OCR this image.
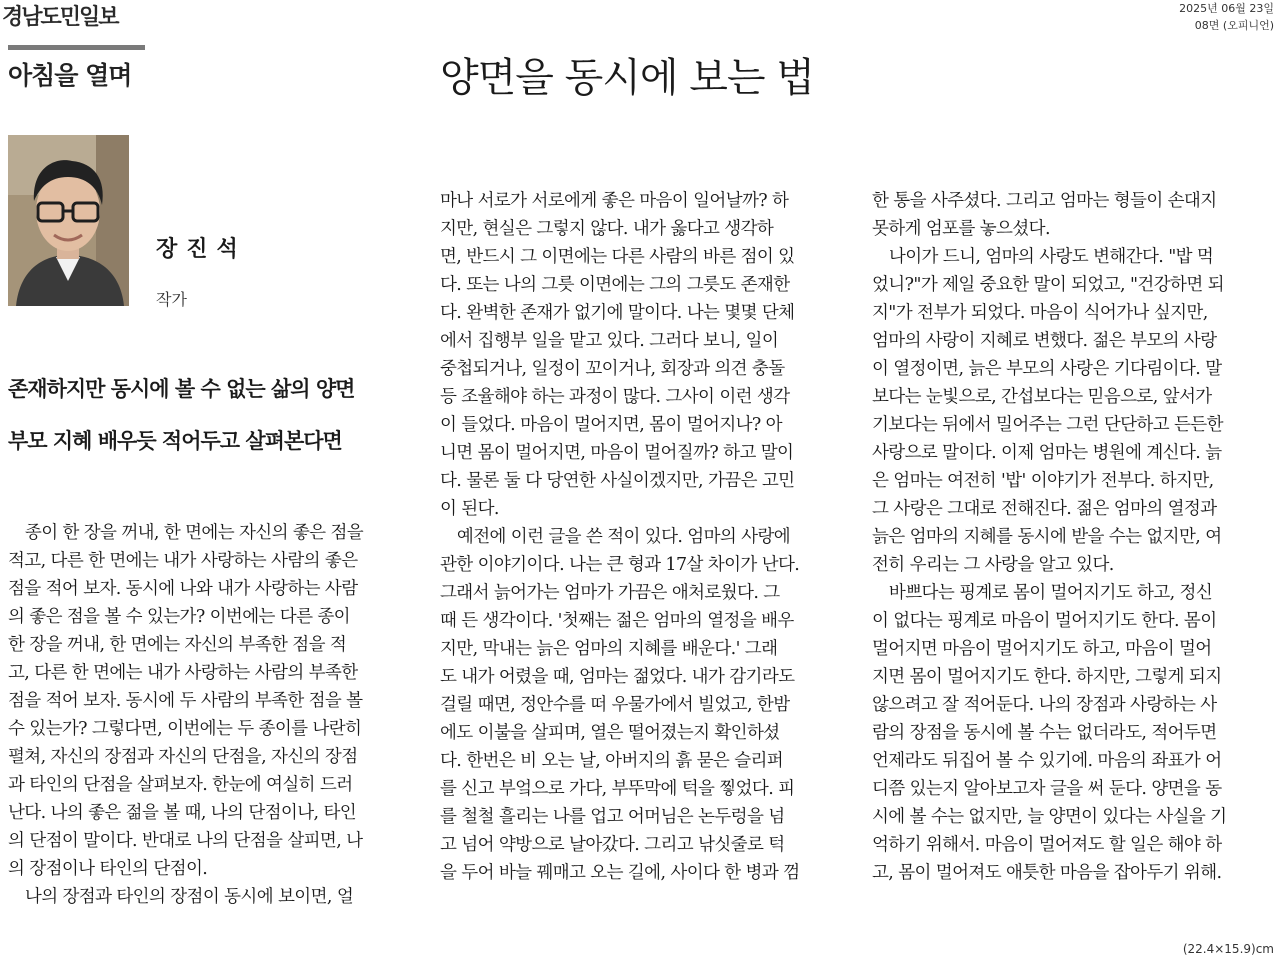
경남도민일보	2025년 06월 23일
08면 (오피니언)
아침을 열며	양면을 동시에 보는 법
장진석
작가
존재하지만 동시에 볼 수 없는 삶의 양면
부모 지혜 배우듯 적어두고 살펴본다면
　종이 한 장을 꺼내, 한 면에는 자신의 좋은 점을
적고, 다른 한 면에는 내가 사랑하는 사람의 좋은
점을 적어 보자. 동시에 나와 내가 사랑하는 사람
의 좋은 점을 볼 수 있는가? 이번에는 다른 종이
한 장을 꺼내, 한 면에는 자신의 부족한 점을 적
고, 다른 한 면에는 내가 사랑하는 사람의 부족한
점을 적어 보자. 동시에 두 사람의 부족한 점을 볼
수 있는가? 그렇다면, 이번에는 두 종이를 나란히
펼쳐, 자신의 장점과 자신의 단점을, 자신의 장점
과 타인의 단점을 살펴보자. 한눈에 여실히 드러
난다. 나의 좋은 젊을 볼 때, 나의 단점이나, 타인
의 단점이 말이다. 반대로 나의 단점을 살피면, 나
의 장점이나 타인의 단점이.
　나의 장점과 타인의 장점이 동시에 보이면, 얼
마나 서로가 서로에게 좋은 마음이 일어날까? 하
지만, 현실은 그렇지 않다. 내가 옳다고 생각하
면, 반드시 그 이면에는 다른 사람의 바른 점이 있
다. 또는 나의 그릇 이면에는 그의 그릇도 존재한
다. 완벽한 존재가 없기에 말이다. 나는 몇몇 단체
에서 집행부 일을 맡고 있다. 그러다 보니, 일이
중첩되거나, 일정이 꼬이거나, 회장과 의견 충돌
등 조율해야 하는 과정이 많다. 그사이 이런 생각
이 들었다. 마음이 멀어지면, 몸이 멀어지나? 아
니면 몸이 멀어지면, 마음이 멀어질까? 하고 말이
다. 물론 둘 다 당연한 사실이겠지만, 가끔은 고민
이 된다.
　예전에 이런 글을 쓴 적이 있다. 엄마의 사랑에
관한 이야기이다. 나는 큰 형과 17살 차이가 난다.
그래서 늙어가는 엄마가 가끔은 애처로웠다. 그
때 든 생각이다. '첫째는 젊은 엄마의 열정을 배우
지만, 막내는 늙은 엄마의 지혜를 배운다.' 그래
도 내가 어렸을 때, 엄마는 젊었다. 내가 감기라도
걸릴 때면, 정안수를 떠 우물가에서 빌었고, 한밤
에도 이불을 살피며, 열은 떨어졌는지 확인하셨
다. 한번은 비 오는 날, 아버지의 흙 묻은 슬리퍼
를 신고 부엌으로 가다, 부뚜막에 턱을 찧었다. 피
를 철철 흘리는 나를 업고 어머님은 논두렁을 넘
고 넘어 약방으로 날아갔다. 그리고 낚싯줄로 턱
을 두어 바늘 꿰매고 오는 길에, 사이다 한 병과 껌
한 통을 사주셨다. 그리고 엄마는 형들이 손대지
못하게 엄포를 놓으셨다.
　나이가 드니, 엄마의 사랑도 변해간다. "밥 먹
었니?"가 제일 중요한 말이 되었고, "건강하면 되
지"가 전부가 되었다. 마음이 식어가나 싶지만,
엄마의 사랑이 지혜로 변했다. 젊은 부모의 사랑
이 열정이면, 늙은 부모의 사랑은 기다림이다. 말
보다는 눈빛으로, 간섭보다는 믿음으로, 앞서가
기보다는 뒤에서 밀어주는 그런 단단하고 든든한
사랑으로 말이다. 이제 엄마는 병원에 계신다. 늙
은 엄마는 여전히 '밥' 이야기가 전부다. 하지만,
그 사랑은 그대로 전해진다. 젊은 엄마의 열정과
늙은 엄마의 지혜를 동시에 받을 수는 없지만, 여
전히 우리는 그 사랑을 알고 있다.
　바쁘다는 핑계로 몸이 멀어지기도 하고, 정신
이 없다는 핑계로 마음이 멀어지기도 한다. 몸이
멀어지면 마음이 멀어지기도 하고, 마음이 멀어
지면 몸이 멀어지기도 한다. 하지만, 그렇게 되지
않으려고 잘 적어둔다. 나의 장점과 사랑하는 사
람의 장점을 동시에 볼 수는 없더라도, 적어두면
언제라도 뒤집어 볼 수 있기에. 마음의 좌표가 어
디쯤 있는지 알아보고자 글을 써 둔다. 양면을 동
시에 볼 수는 없지만, 늘 양면이 있다는 사실을 기
억하기 위해서. 마음이 멀어져도 할 일은 해야 하
고, 몸이 멀어져도 애틋한 마음을 잡아두기 위해.
(22.4×15.9)cm
